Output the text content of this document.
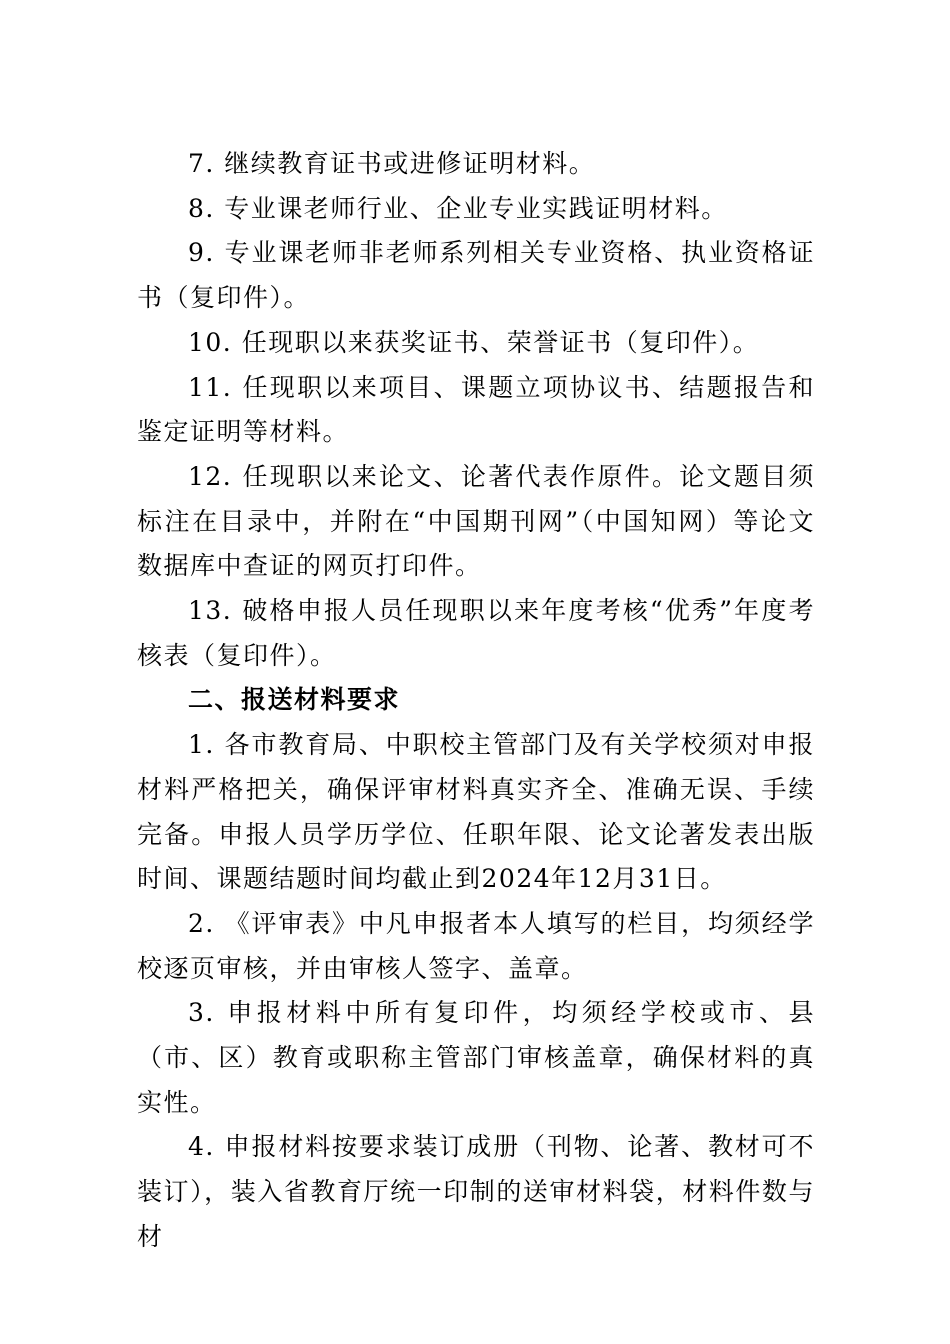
7. 继续教育证书或进修证明材料。

8. 专业课老师行业、企业专业实践证明材料。

9. 专业课老师非老师系列相关专业资格、执业资格证书（复印件）。

10. 任现职以来获奖证书、荣誉证书（复印件）。

11. 任现职以来项目、课题立项协议书、结题报告和鉴定证明等材料。

12. 任现职以来论文、论著代表作原件。论文题目须标注在目录中，并附在“中国期刊网”（中国知网）等论文数据库中查证的网页打印件。

13. 破格申报人员任现职以来年度考核“优秀”年度考核表（复印件）。

二、报送材料要求

1. 各市教育局、中职校主管部门及有关学校须对申报材料严格把关，确保评审材料真实齐全、准确无误、手续完备。申报人员学历学位、任职年限、论文论著发表出版时间、课题结题时间均截止到2024年12月31日。

2. 《评审表》中凡申报者本人填写的栏目，均须经学校逐页审核，并由审核人签字、盖章。

3. 申报材料中所有复印件，均须经学校或市、县（市、区）教育或职称主管部门审核盖章，确保材料的真实性。

4. 申报材料按要求装订成册（刊物、论著、教材可不装订），装入省教育厅统一印制的送审材料袋，材料件数与材
